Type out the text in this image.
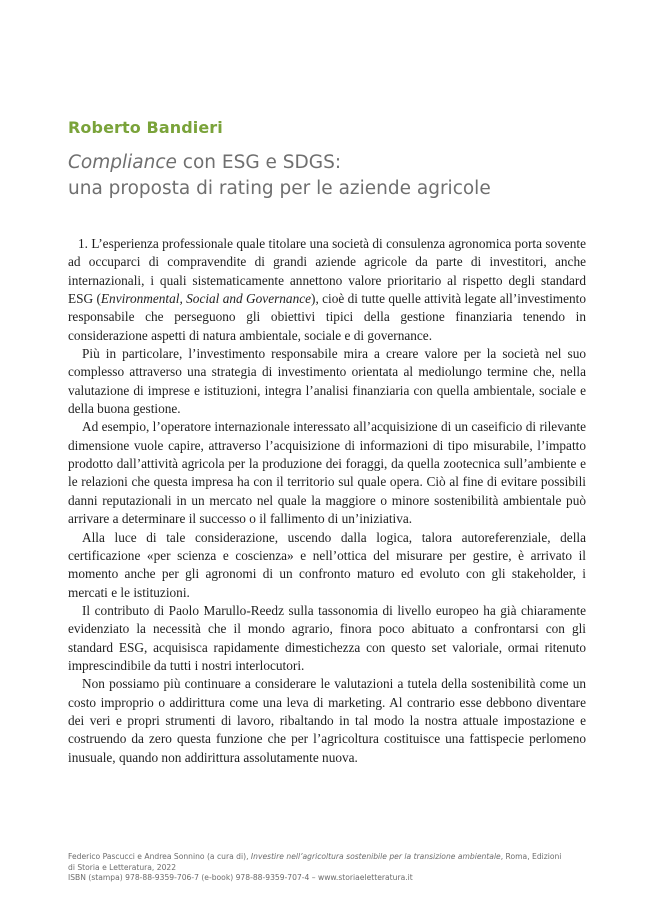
Roberto Bandieri
Compliance con ESG e SDGS:
una proposta di rating per le aziende agricole

1. L’esperienza professionale quale titolare una società di consulenza agronomica porta sovente ad occuparci di compravendite di grandi aziende agricole da parte di investitori, anche internazionali, i quali sistematicamente annettono valore prioritario al rispetto degli standard ESG (Environmental, Social and Governance), cioè di tutte quelle attività legate all’investimento responsabile che perseguono gli obiettivi tipici della gestione finanziaria tenendo in considerazione aspetti di natura ambientale, sociale e di governance.

Più in particolare, l’investimento responsabile mira a creare valore per la società nel suo complesso attraverso una strategia di investimento orientata al mediolungo termine che, nella valutazione di imprese e istituzioni, integra l’analisi finanziaria con quella ambientale, sociale e della buona gestione.

Ad esempio, l’operatore internazionale interessato all’acquisizione di un caseificio di rilevante dimensione vuole capire, attraverso l’acquisizione di informazioni di tipo misurabile, l’impatto prodotto dall’attività agricola per la produzione dei foraggi, da quella zootecnica sull’ambiente e le relazioni che questa impresa ha con il territorio sul quale opera. Ciò al fine di evitare possibili danni reputazionali in un mercato nel quale la maggiore o minore sostenibilità ambientale può arrivare a determinare il successo o il fallimento di un’iniziativa.

Alla luce di tale considerazione, uscendo dalla logica, talora autoreferenziale, della certificazione «per scienza e coscienza» e nell’ottica del misurare per gestire, è arrivato il momento anche per gli agronomi di un confronto maturo ed evoluto con gli stakeholder, i mercati e le istituzioni.

Il contributo di Paolo Marullo-Reedz sulla tassonomia di livello europeo ha già chiaramente evidenziato la necessità che il mondo agrario, finora poco abituato a confrontarsi con gli standard ESG, acquisisca rapidamente dimestichezza con questo set valoriale, ormai ritenuto imprescindibile da tutti i nostri interlocutori.

Non possiamo più continuare a considerare le valutazioni a tutela della sostenibilità come un costo improprio o addirittura come una leva di marketing. Al contrario esse debbono diventare dei veri e propri strumenti di lavoro, ribaltando in tal modo la nostra attuale impostazione e costruendo da zero questa funzione che per l’agricoltura costituisce una fattispecie perlomeno inusuale, quando non addirittura assolutamente nuova.

Federico Pascucci e Andrea Sonnino (a cura di), Investire nell’agricoltura sostenibile per la transizione ambientale, Roma, Edizioni
di Storia e Letteratura, 2022
ISBN (stampa) 978-88-9359-706-7 (e-book) 978-88-9359-707-4 – www.storiaeletteratura.it
